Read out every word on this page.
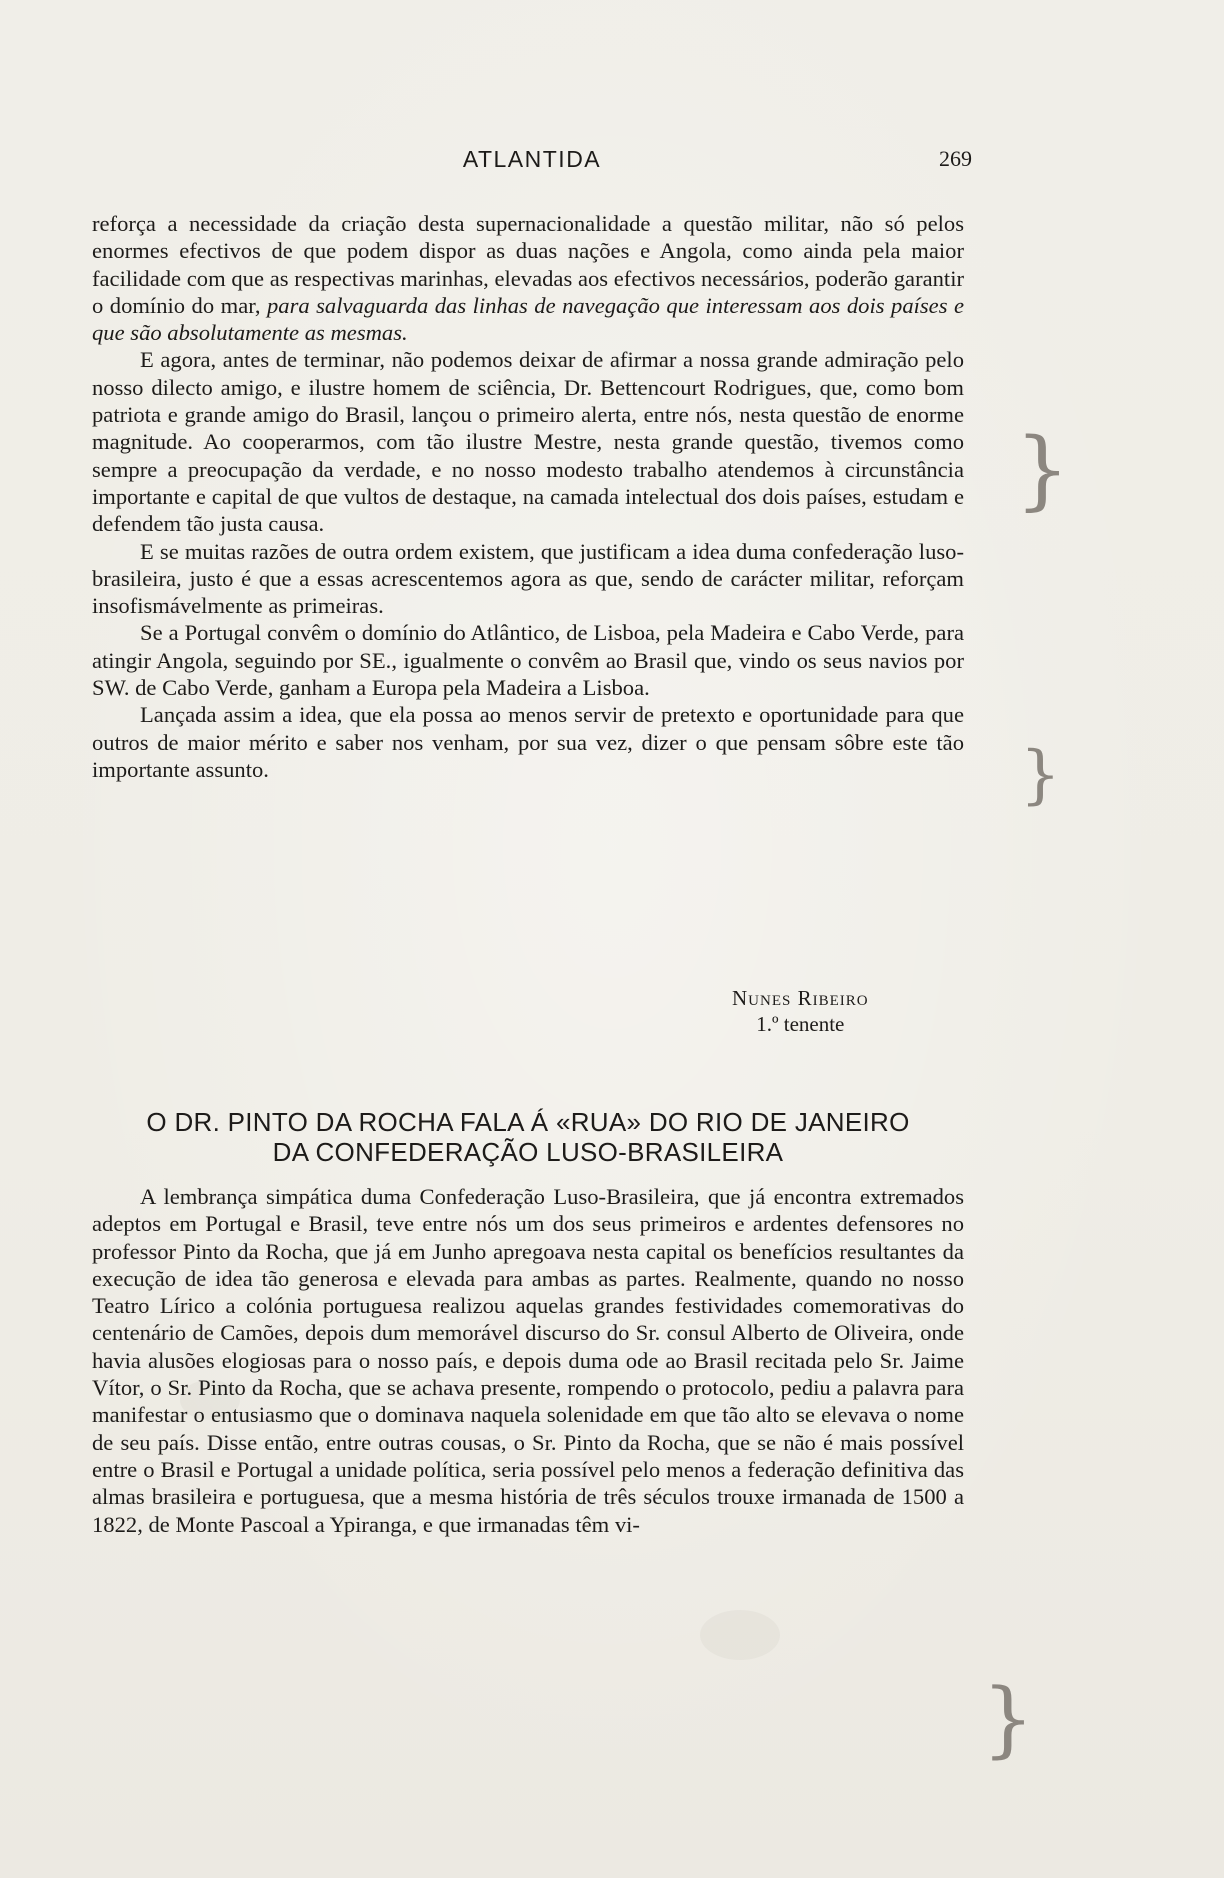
ATLANTIDA	269

reforça a necessidade da criação desta supernacionalidade a questão militar, não só pelos enormes efectivos de que podem dispor as duas nações e Angola, como ainda pela maior facilidade com que as respectivas marinhas, elevadas aos efectivos necessários, poderão garantir o domínio do mar, para salvaguarda das linhas de navegação que interessam aos dois países e que são absolutamente as mesmas.

E agora, antes de terminar, não podemos deixar de afirmar a nossa grande admiração pelo nosso dilecto amigo, e ilustre homem de sciência, Dr. Bettencourt Rodrigues, que, como bom patriota e grande amigo do Brasil, lançou o primeiro alerta, entre nós, nesta questão de enorme magnitude. Ao cooperarmos, com tão ilustre Mestre, nesta grande questão, tivemos como sempre a preocupação da verdade, e no nosso modesto trabalho atendemos à circunstância importante e capital de que vultos de destaque, na camada intelectual dos dois países, estudam e defendem tão justa causa.

E se muitas razões de outra ordem existem, que justificam a idea duma confederação luso-brasileira, justo é que a essas acrescentemos agora as que, sendo de carácter militar, reforçam insofismávelmente as primeiras.

Se a Portugal convêm o domínio do Atlântico, de Lisboa, pela Madeira e Cabo Verde, para atingir Angola, seguindo por SE., igualmente o convêm ao Brasil que, vindo os seus navios por SW. de Cabo Verde, ganham a Europa pela Madeira a Lisboa.

Lançada assim a idea, que ela possa ao menos servir de pretexto e oportunidade para que outros de maior mérito e saber nos venham, por sua vez, dizer o que pensam sôbre este tão importante assunto.

Nunes Ribeiro
1.º tenente
O DR. PINTO DA ROCHA FALA Á «RUA» DO RIO DE JANEIRO
DA CONFEDERAÇÃO LUSO-BRASILEIRA

A lembrança simpática duma Confederação Luso-Brasileira, que já encontra extremados adeptos em Portugal e Brasil, teve entre nós um dos seus primeiros e ardentes defensores no professor Pinto da Rocha, que já em Junho apregoava nesta capital os benefícios resultantes da execução de idea tão generosa e elevada para ambas as partes. Realmente, quando no nosso Teatro Lírico a colónia portuguesa realizou aquelas grandes festividades comemorativas do centenário de Camões, depois dum memorável discurso do Sr. consul Alberto de Oliveira, onde havia alusões elogiosas para o nosso país, e depois duma ode ao Brasil recitada pelo Sr. Jaime Vítor, o Sr. Pinto da Rocha, que se achava presente, rompendo o protocolo, pediu a palavra para manifestar o entusiasmo que o dominava naquela solenidade em que tão alto se elevava o nome de seu país. Disse então, entre outras cousas, o Sr. Pinto da Rocha, que se não é mais possível entre o Brasil e Portugal a unidade política, seria possível pelo menos a federação definitiva das almas brasileira e portuguesa, que a mesma história de três séculos trouxe irmanada de 1500 a 1822, de Monte Pascoal a Ypiranga, e que irmanadas têm vi-

}
}
}
